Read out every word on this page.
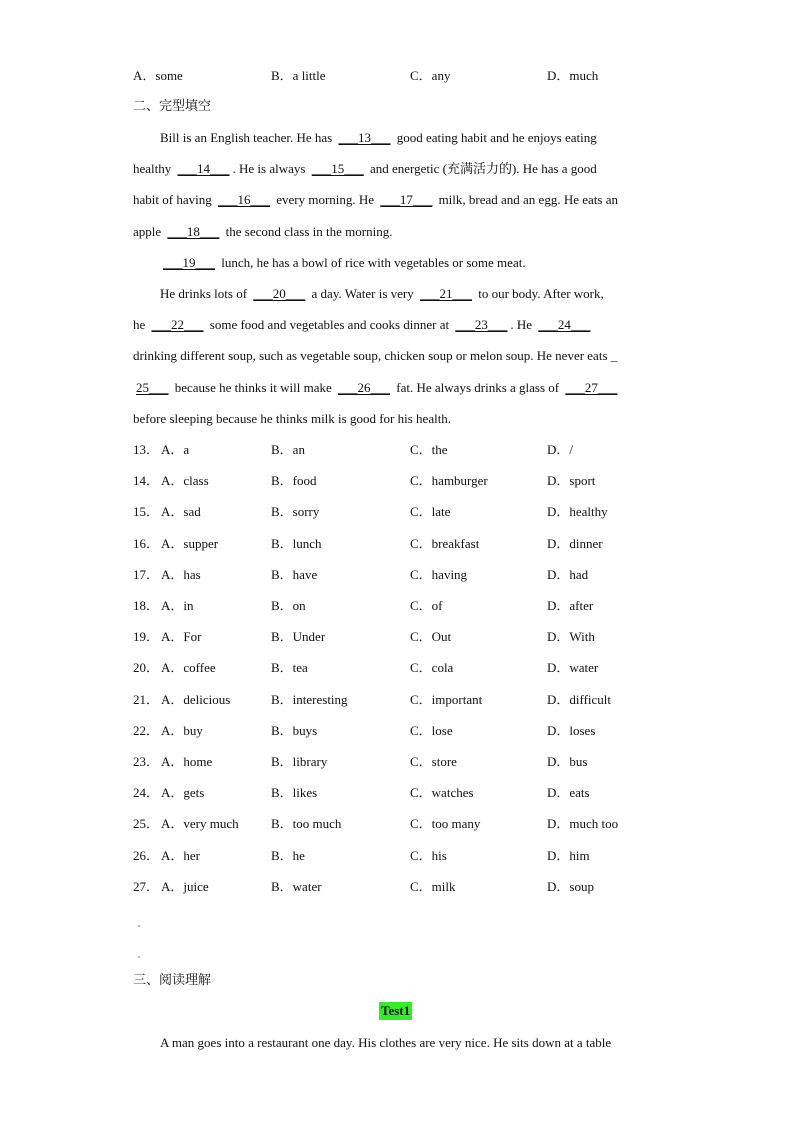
A．some	B．a little	C．any	D．much
二、完型填空
Bill is an English teacher. He has ___13___ good eating habit and he enjoys eating
healthy ___14___ . He is always ___15___ and energetic (充满活力的). He has a good
habit of having ___16___ every morning. He ___17___ milk, bread and an egg. He eats an
apple ___18___ the second class in the morning.
___19___ lunch, he has a bowl of rice with vegetables or some meat.
He drinks lots of ___20___ a day. Water is very ___21___ to our body. After work,
he ___22___ some food and vegetables and cooks dinner at ___23___ . He ___24___
drinking different soup, such as vegetable soup, chicken soup or melon soup. He never eats _
25___ because he thinks it will make ___26___ fat. He always drinks a glass of ___27___
before sleeping because he thinks milk is good for his health.
13． A．a	B．an	C．the	D．/
14． A．class	B．food	C．hamburger	D．sport
15． A．sad	B．sorry	C．late	D．healthy
16． A．supper	B．lunch	C．breakfast	D．dinner
17． A．has	B．have	C．having	D．had
18． A．in	B．on	C．of	D．after
19． A．For	B．Under	C．Out	D．With
20． A．coffee	B．tea	C．cola	D．water
21． A．delicious	B．interesting	C．important	D．difficult
22． A．buy	B．buys	C．lose	D．loses
23． A．home	B．library	C．store	D．bus
24． A．gets	B．likes	C．watches	D．eats
25． A．very much B．too much	C．too many	D．much too
26． A．her	B．he	C．his	D．him
27． A．juice	B．water	C．milk	D．soup
三、阅读理解
Test1
A man goes into a restaurant one day. His clothes are very nice. He sits down at a table
